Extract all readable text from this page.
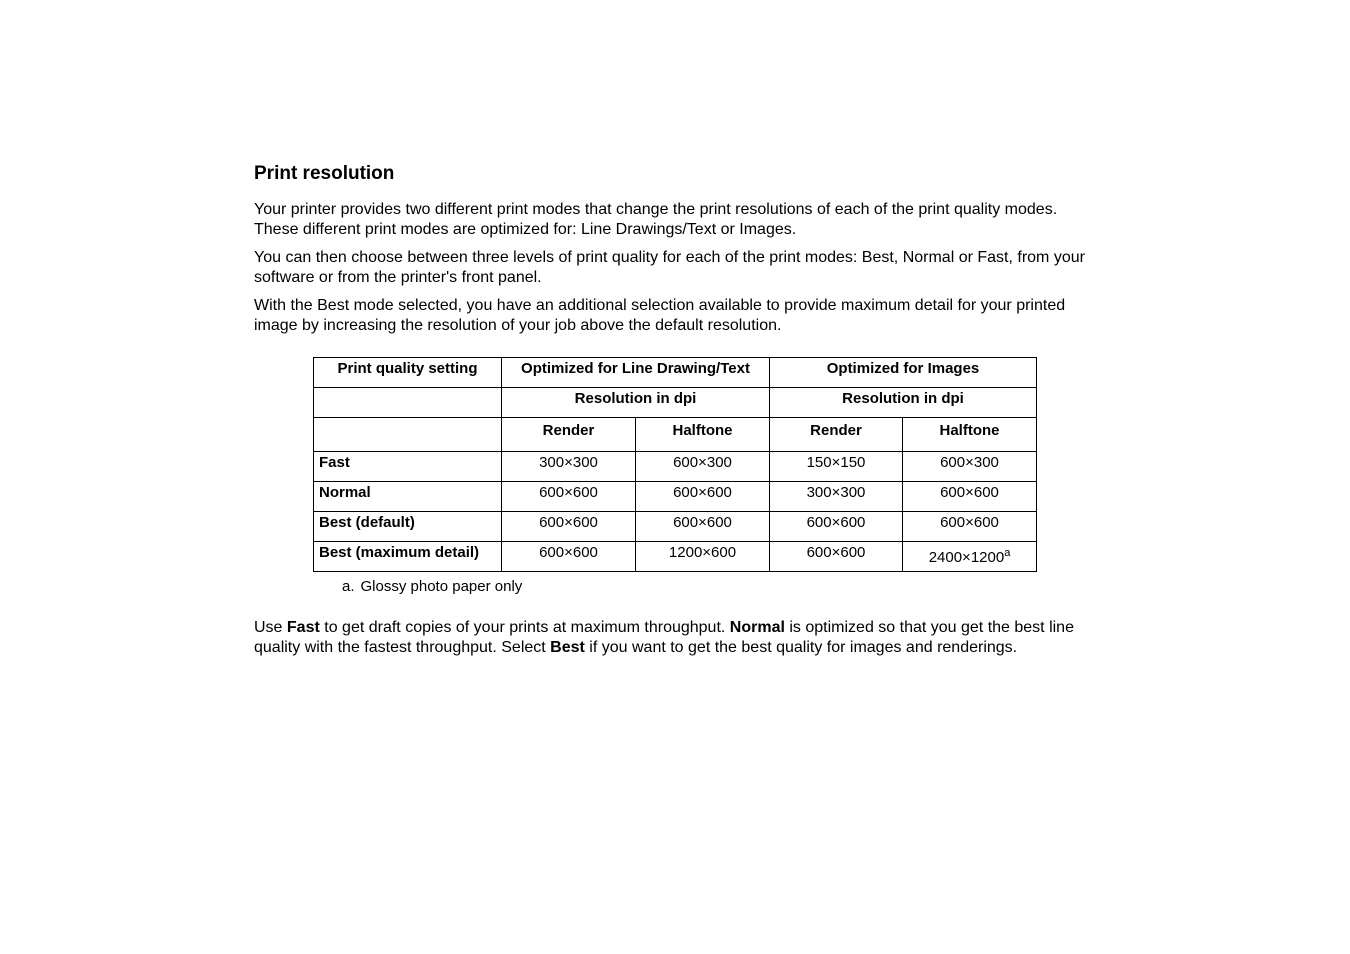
Print resolution

Your printer provides two different print modes that change the print resolutions of each of the print quality modes. These different print modes are optimized for: Line Drawings/Text or Images.

You can then choose between three levels of print quality for each of the print modes: Best, Normal or Fast, from your software or from the printer's front panel.

With the Best mode selected, you have an additional selection available to provide maximum detail for your printed image by increasing the resolution of your job above the default resolution.

Print quality setting	Optimized for Line Drawing/Text		Optimized for Images	
	Resolution in dpi		Resolution in dpi	
	Render	Halftone	Render	Halftone
Fast	300×300	600×300	150×150	600×300
Normal	600×600	600×600	300×300	600×600
Best (default)	600×600	600×600	600×600	600×600
Best (maximum detail)	600×600	1200×600	600×600	$2400\times 1200^a$
a. Glossy photo paper only

Use Fast to get draft copies of your prints at maximum throughput. Normal is optimized so that you get the best line quality with the fastest throughput. Select Best if you want to get the best quality for images and renderings.
